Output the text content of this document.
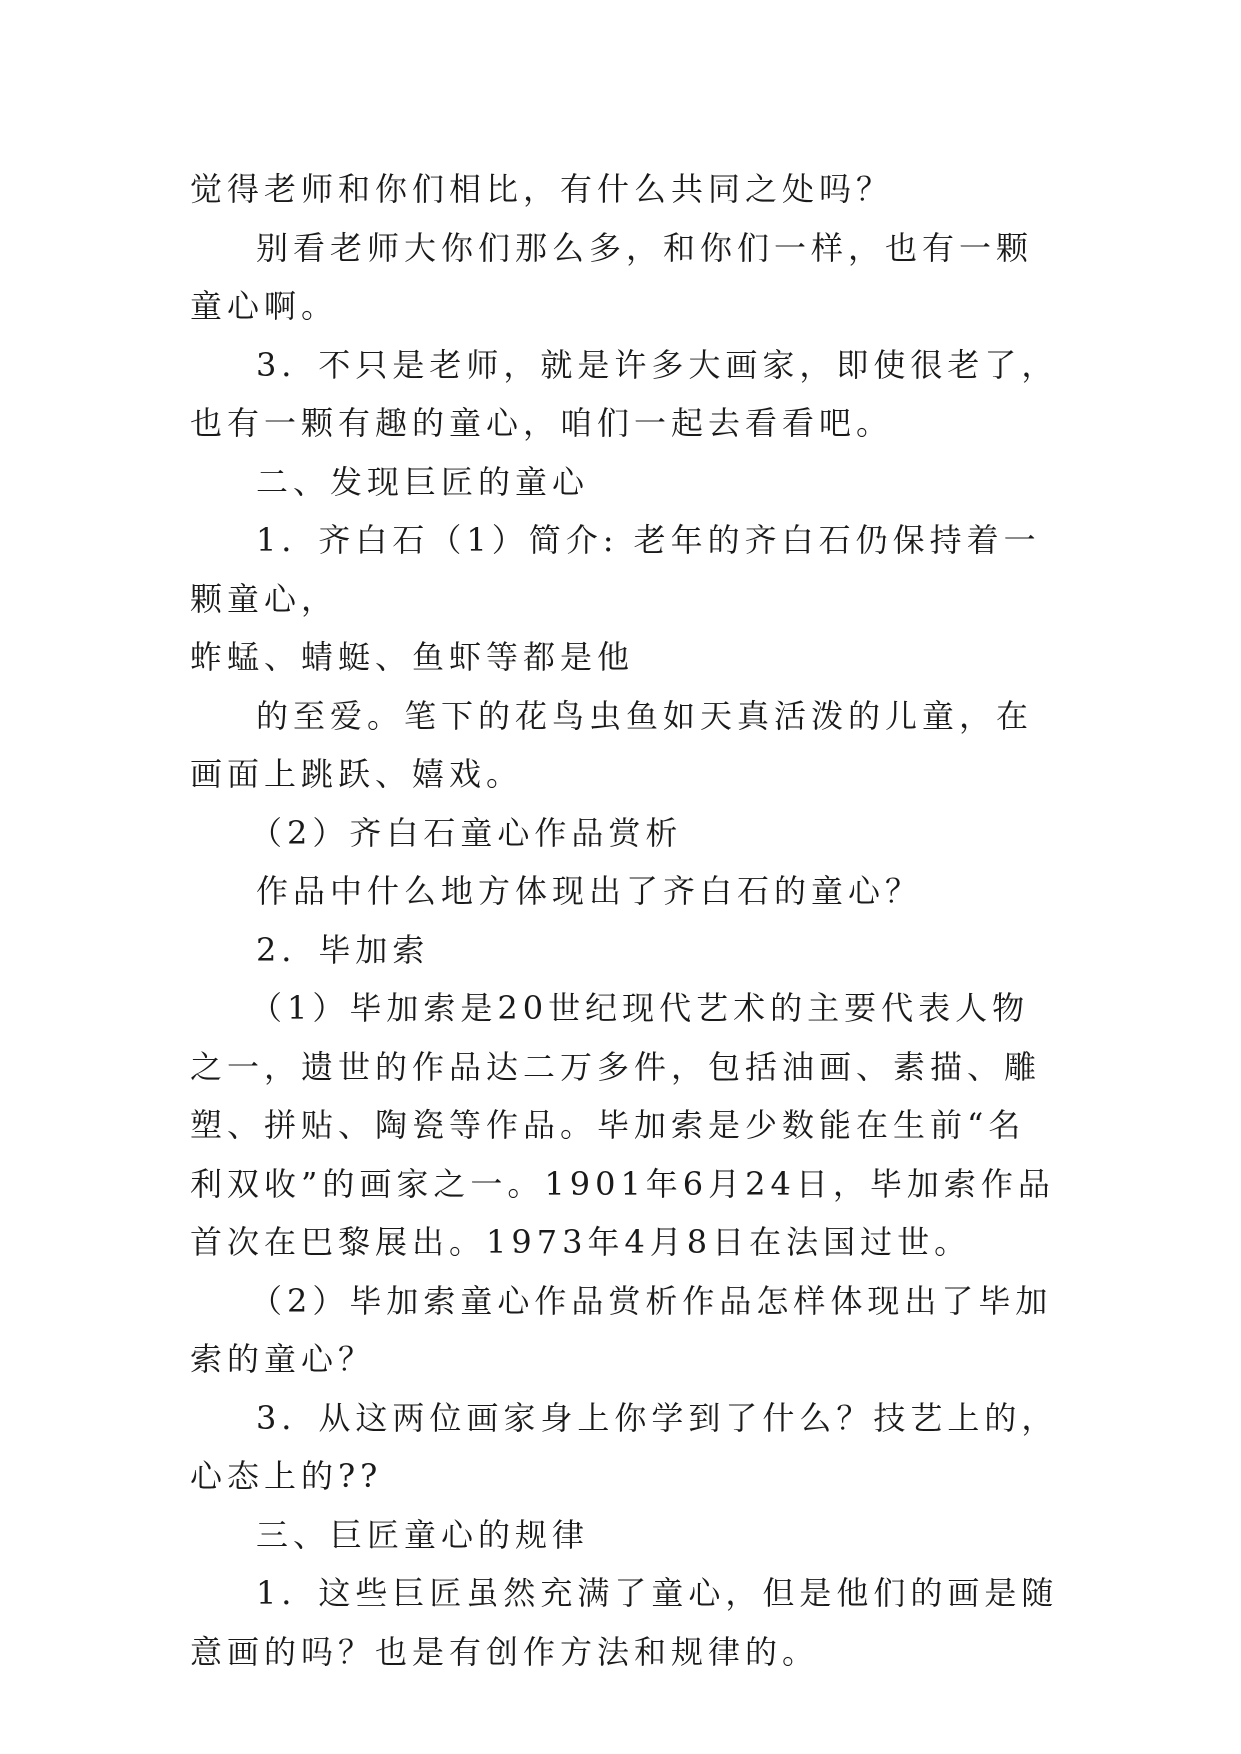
觉得老师和你们相比，有什么共同之处吗？

别看老师大你们那么多，和你们一样，也有一颗童心啊。

3．不只是老师，就是许多大画家，即使很老了，也有一颗有趣的童心，咱们一起去看看吧。

二、发现巨匠的童心

1．齐白石（1）简介: 老年的齐白石仍保持着一颗童心，

蚱蜢、蜻蜓、鱼虾等都是他

的至爱。笔下的花鸟虫鱼如天真活泼的儿童，在画面上跳跃、嬉戏。

（2）齐白石童心作品赏析

作品中什么地方体现出了齐白石的童心？

2．毕加索

（1）毕加索是20世纪现代艺术的主要代表人物之一，遗世的作品达二万多件，包括油画、素描、雕塑、拼贴、陶瓷等作品。毕加索是少数能在生前“名利双收”的画家之一。1901年6月24日，毕加索作品首次在巴黎展出。1973年4月8日在法国过世。

（2）毕加索童心作品赏析作品怎样体现出了毕加索的童心？

3．从这两位画家身上你学到了什么？技艺上的，心态上的??

三、巨匠童心的规律

1．这些巨匠虽然充满了童心，但是他们的画是随意画的吗？也是有创作方法和规律的。
